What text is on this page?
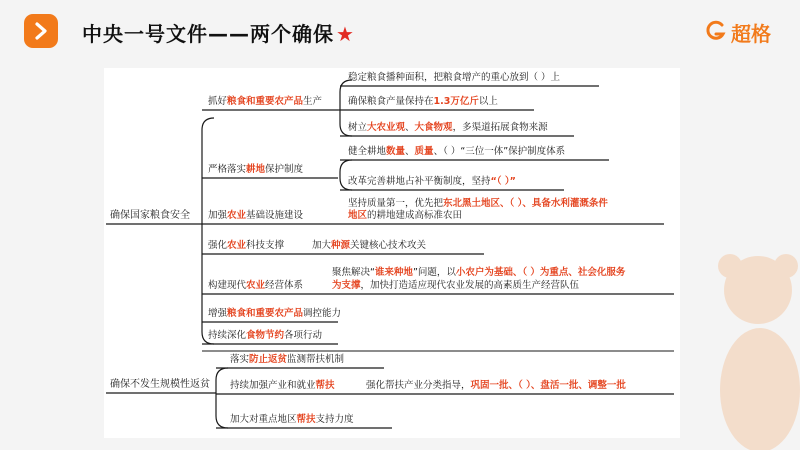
中央一号文件——两个确保 ★	超格
确保国家粮食安全
抓好粮食和重要农产品生产
稳定粮食播种面积，把粮食增产的重心放到（ ）上
确保粮食产量保持在1.3万亿斤以上
树立大农业观、大食物观，多渠道拓展食物来源
严格落实耕地保护制度
健全耕地数量、质量、（ ）“三位一体”保护制度体系
改革完善耕地占补平衡制度，坚持“（ ）”
加强农业基础设施建设
坚持质量第一，优先把东北黑土地区、（ ）、具备水利灌溉条件
地区的耕地建成高标准农田
强化农业科技支撑	加大种源关键核心技术攻关
构建现代农业经营体系
聚焦解决“谁来种地”问题，以小农户为基础、（ ）为重点、社会化服务
为支撑，加快打造适应现代农业发展的高素质生产经营队伍
增强粮食和重要农产品调控能力
持续深化食物节约各项行动
确保不发生规模性返贫
落实防止返贫监测帮扶机制
持续加强产业和就业帮扶	强化帮扶产业分类指导，巩固一批、（ ）、盘活一批、调整一批
加大对重点地区帮扶支持力度
